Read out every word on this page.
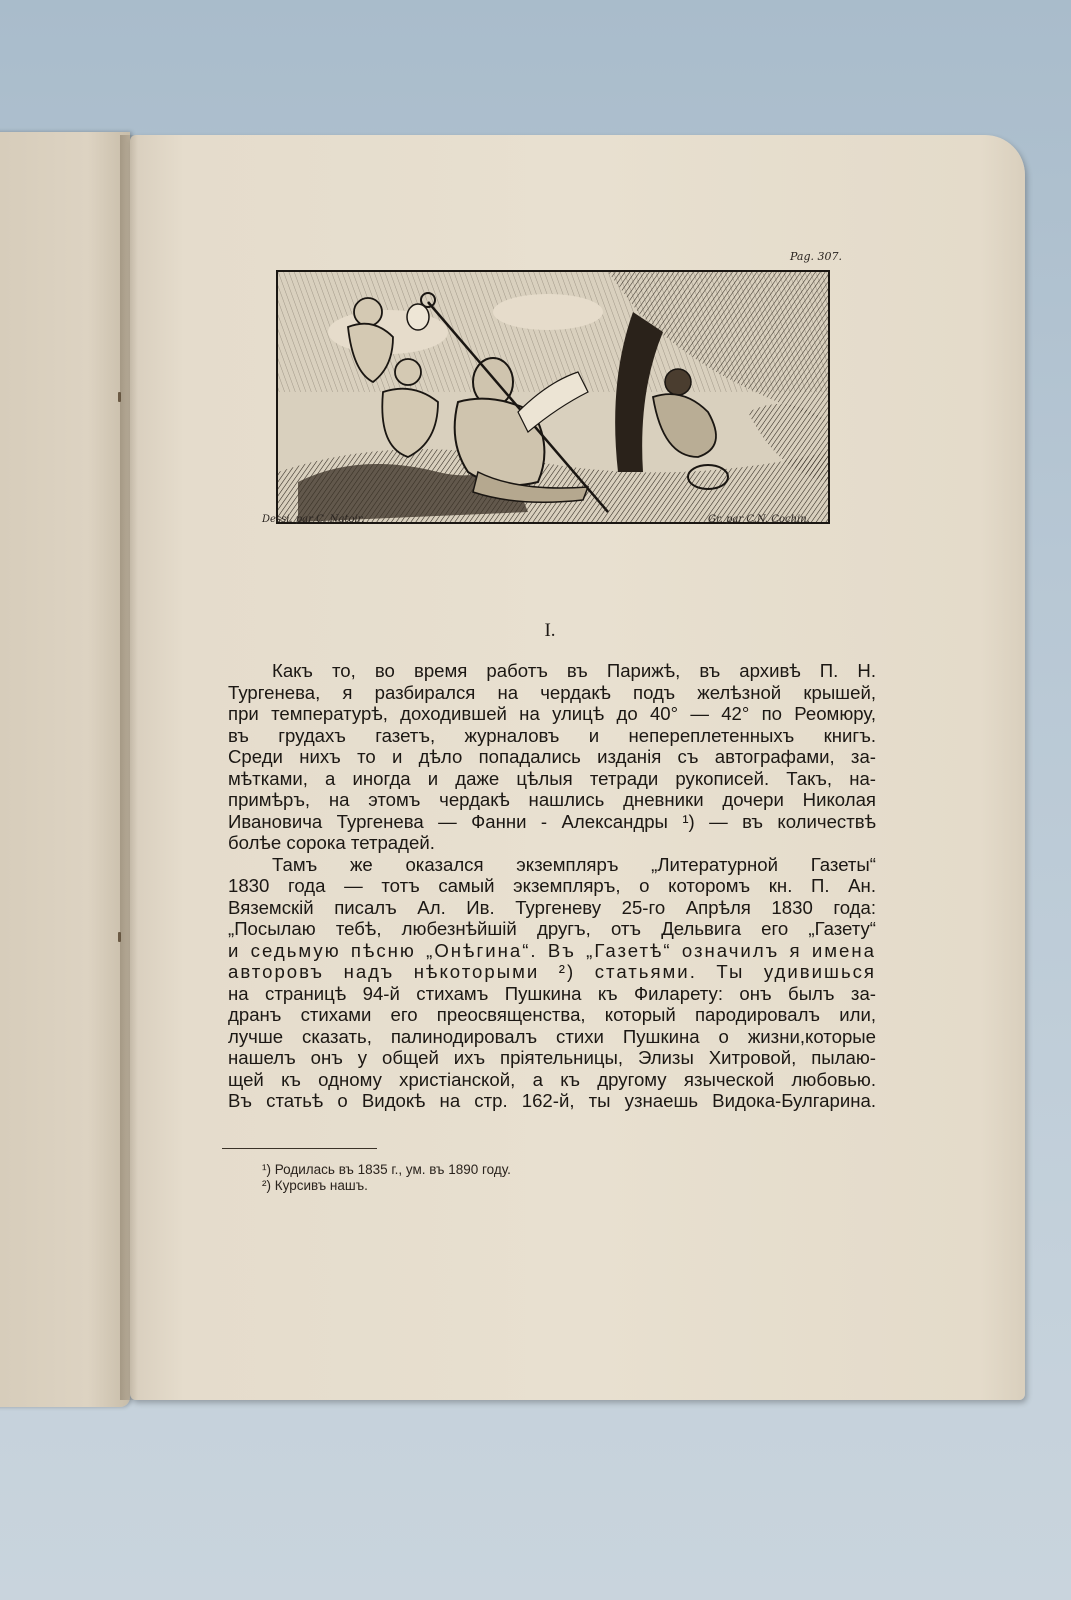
Pag. 307.
Dessi. par C. Natoir.	Gr. par C.N. Cochin.
I.
Какъ то, во время работъ въ Парижѣ, въ архивѣ П. Н.
Тургенева, я разбирался на чердакѣ подъ желѣзной крышей,
при температурѣ, доходившей на улицѣ до 40° — 42° по Реомюру,
въ грудахъ газетъ, журналовъ и непереплетенныхъ книгъ.
Среди нихъ то и дѣло попадались изданія съ автографами, за-
мѣтками, а иногда и даже цѣлыя тетради рукописей. Такъ, на-
примѣръ, на этомъ чердакѣ нашлись дневники дочери Николая
Ивановича Тургенева — Фанни - Александры ¹) — въ количествѣ
болѣе сорока тетрадей.
Тамъ же оказался экземпляръ „Литературной Газеты“
1830 года — тотъ самый экземпляръ, о которомъ кн. П. Ан.
Вяземскій писалъ Ал. Ив. Тургеневу 25-го Апрѣля 1830 года:
„Посылаю тебѣ, любезнѣйшій другъ, отъ Дельвига его „Газету“
и седьмую пѣсню „Онѣгина“. Въ „Газетѣ“ означилъ я имена
авторовъ надъ нѣкоторыми ²) статьями. Ты удивишься
на страницѣ 94-й стихамъ Пушкина къ Филарету: онъ былъ за-
дранъ стихами его преосвященства, который пародировалъ или,
лучше сказать, палинодировалъ стихи Пушкина о жизни,которые
нашелъ онъ у общей ихъ пріятельницы, Элизы Хитровой, пылаю-
щей къ одному христіанской, а къ другому языческой любовью.
Въ статьѣ о Видокѣ на стр. 162-й, ты узнаешь Видока-Булгарина.
¹) Родилась въ 1835 г., ум. въ 1890 году.
²) Курсивъ нашъ.
